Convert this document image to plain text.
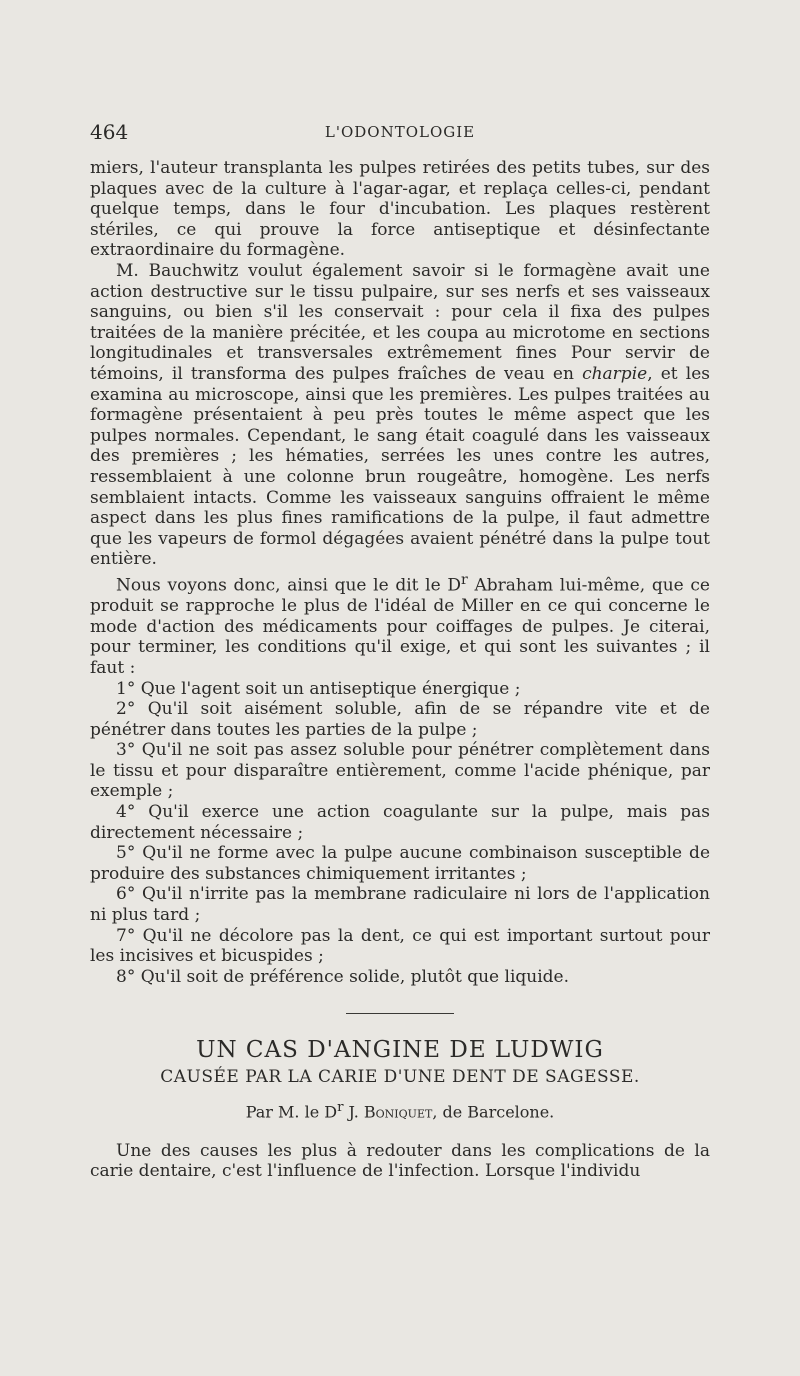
464	L'ODONTOLOGIE

miers, l'auteur transplanta les pulpes retirées des petits tubes, sur des plaques avec de la culture à l'agar-agar, et replaça celles-ci, pendant quelque temps, dans le four d'incubation. Les plaques restèrent stériles, ce qui prouve la force antiseptique et désinfectante extraordinaire du formagène.

M. Bauchwitz voulut également savoir si le formagène avait une action destructive sur le tissu pulpaire, sur ses nerfs et ses vaisseaux sanguins, ou bien s'il les conservait : pour cela il fixa des pulpes traitées de la manière précitée, et les coupa au microtome en sections longitudinales et transversales extrêmement fines Pour servir de témoins, il transforma des pulpes fraîches de veau en charpie, et les examina au microscope, ainsi que les premières. Les pulpes traitées au formagène présentaient à peu près toutes le même aspect que les pulpes normales. Cependant, le sang était coagulé dans les vaisseaux des premières ; les hématies, serrées les unes contre les autres, ressemblaient à une colonne brun rougeâtre, homogène. Les nerfs semblaient intacts. Comme les vaisseaux sanguins offraient le même aspect dans les plus fines ramifications de la pulpe, il faut admettre que les vapeurs de formol dégagées avaient pénétré dans la pulpe tout entière.

Nous voyons donc, ainsi que le dit le $D^r$ Abraham lui-même, que ce produit se rapproche le plus de l'idéal de Miller en ce qui concerne le mode d'action des médicaments pour coiffages de pulpes. Je citerai, pour terminer, les conditions qu'il exige, et qui sont les suivantes ; il faut :

1° Que l'agent soit un antiseptique énergique ;

2° Qu'il soit aisément soluble, afin de se répandre vite et de pénétrer dans toutes les parties de la pulpe ;

3° Qu'il ne soit pas assez soluble pour pénétrer complètement dans le tissu et pour disparaître entièrement, comme l'acide phénique, par exemple ;

4° Qu'il exerce une action coagulante sur la pulpe, mais pas directement nécessaire ;

5° Qu'il ne forme avec la pulpe aucune combinaison susceptible de produire des substances chimiquement irritantes ;

6° Qu'il n'irrite pas la membrane radiculaire ni lors de l'application ni plus tard ;

7° Qu'il ne décolore pas la dent, ce qui est important surtout pour les incisives et bicuspides ;

8° Qu'il soit de préférence solide, plutôt que liquide.

UN CAS D'ANGINE DE LUDWIG
CAUSÉE PAR LA CARIE D'UNE DENT DE SAGESSE.
Par M. le $D^r$ J. Boniquet, de Barcelone.

Une des causes les plus à redouter dans les complications de la carie dentaire, c'est l'influence de l'infection. Lorsque l'individu
